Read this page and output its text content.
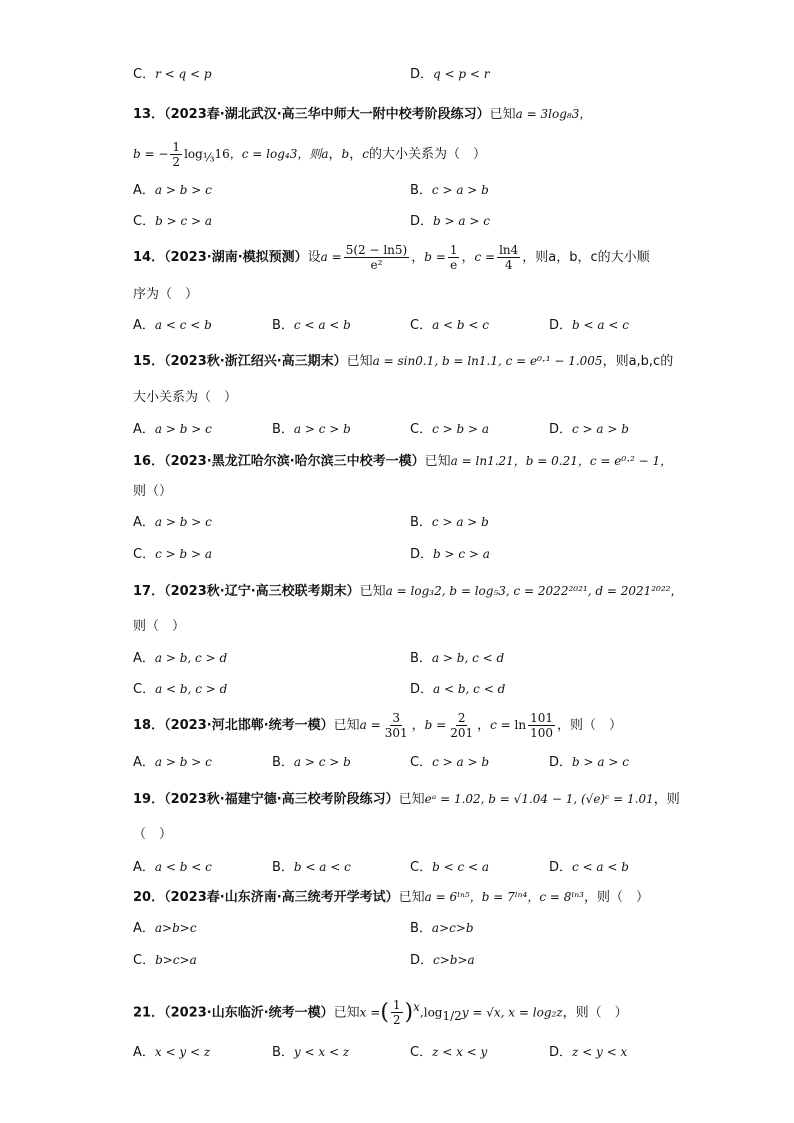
C．r < q < p	D．q < p < r
13．（2023春·湖北武汉·高三华中师大一附中校考阶段练习）已知a = 3log₈3，
b = − $\frac{1}{2} \log_{\frac{1}{3}}16$，c = log₄3，则a，b，c的大小关系为（　）
A．a > b > c	B．c > a > b
C．b > c > a	D．b > a > c
14．（2023·湖南·模拟预测）设$a = \frac{5(2 - \ln 5)}{\text{e²}}$ ，$b = \frac{1}{e}$ ，$c = \frac{\ln 4}{4}$ ，则a，b，c的大小顺
序为（　）
A．a < c < b	B．c < a < b	C．a < b < c	D．b < a < c
15．（2023秋·浙江绍兴·高三期末）已知a = sin0.1, b = ln1.1, c = e⁰·¹ − 1.005，则a,b,c的
大小关系为（　）
A．a > b > c	B．a > c > b	C．c > b > a	D．c > a > b
16．（2023·黑龙江哈尔滨·哈尔滨三中校考一模）已知a = ln1.21，b = 0.21，c = e⁰·² − 1，
则（）
A．a > b > c	B．c > a > b
C．c > b > a	D．b > c > a
17．（2023秋·辽宁·高三校联考期末）已知a = log₃2, b = log₅3, c = 2022²⁰²¹, d = 2021²⁰²²，
则（　）
A．a > b, c > d	B．a > b, c < d
C．a < b, c > d	D．a < b, c < d
18．（2023·河北邯郸·统考一模）已知$a = \frac{3}{301}$ ，$b = \frac{2}{201}$ ，$c = \ln \frac{101}{100}$ ，则（　）
A．a > b > c	B．a > c > b	C．c > a > b	D．b > a > c
19．（2023秋·福建宁德·高三校考阶段练习）已知eᵃ = 1.02, b = √1.04 − 1, (√e)ᶜ = 1.01，则
（　）
A．a < b < c	B．b < a < c	C．b < c < a	D．c < a < b
20．（2023春·山东济南·高三统考开学考试）已知a = 6ˡⁿ⁵，b = 7ˡⁿ⁴，c = 8ˡⁿ³，则（　）
A．a>b>c	B．a>c>b
C．b>c>a	D．c>b>a
21．（2023·山东临沂·统考一模）已知x =( $\frac{1}{2} )^x,\log_{1/2}y = √x$, x = log₂z，则（　）
A．x < y < z	B．y < x < z	C．z < x < y	D．z < y < x
